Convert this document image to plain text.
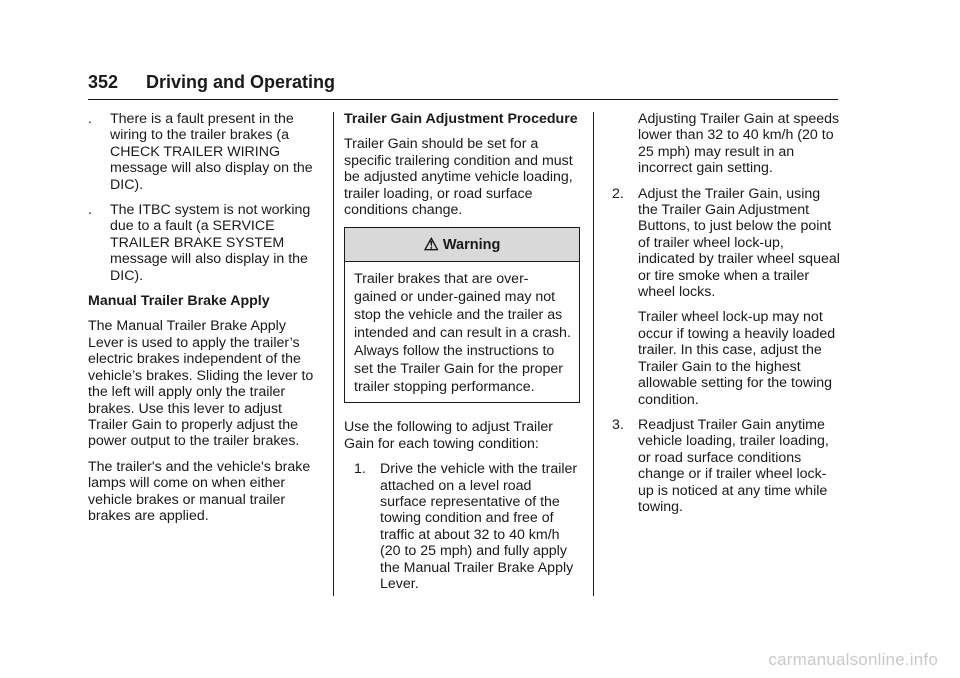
352 Driving and Operating
.	There is a fault present in the wiring to the trailer brakes (a CHECK TRAILER WIRING message will also display on the DIC).
.	The ITBC system is not working due to a fault (a SERVICE TRAILER BRAKE SYSTEM message will also display in the DIC).
Manual Trailer Brake Apply

The Manual Trailer Brake Apply Lever is used to apply the trailer’s electric brakes independent of the vehicle’s brakes. Sliding the lever to the left will apply only the trailer brakes. Use this lever to adjust Trailer Gain to properly adjust the power output to the trailer brakes.

The trailer's and the vehicle's brake lamps will come on when either vehicle brakes or manual trailer brakes are applied.

Trailer Gain Adjustment Procedure

Trailer Gain should be set for a specific trailering condition and must be adjusted anytime vehicle loading, trailer loading, or road surface conditions change.

⚠ Warning
Trailer brakes that are over-gained or under-gained may not stop the vehicle and the trailer as intended and can result in a crash. Always follow the instructions to set the Trailer Gain for the proper trailer stopping performance.

Use the following to adjust Trailer Gain for each towing condition:

1. Drive the vehicle with the trailer attached on a level road surface representative of the towing condition and free of traffic at about 32 to 40 km/h (20 to 25 mph) and fully apply the Manual Trailer Brake Apply Lever.
Adjusting Trailer Gain at speeds lower than 32 to 40 km/h (20 to 25 mph) may result in an incorrect gain setting.
2. Adjust the Trailer Gain, using the Trailer Gain Adjustment Buttons, to just below the point of trailer wheel lock-up, indicated by trailer wheel squeal or tire smoke when a trailer wheel locks.
Trailer wheel lock-up may not occur if towing a heavily loaded trailer. In this case, adjust the Trailer Gain to the highest allowable setting for the towing condition.
3. Readjust Trailer Gain anytime vehicle loading, trailer loading, or road surface conditions change or if trailer wheel lock-up is noticed at any time while towing.
carmanualsonline.info
